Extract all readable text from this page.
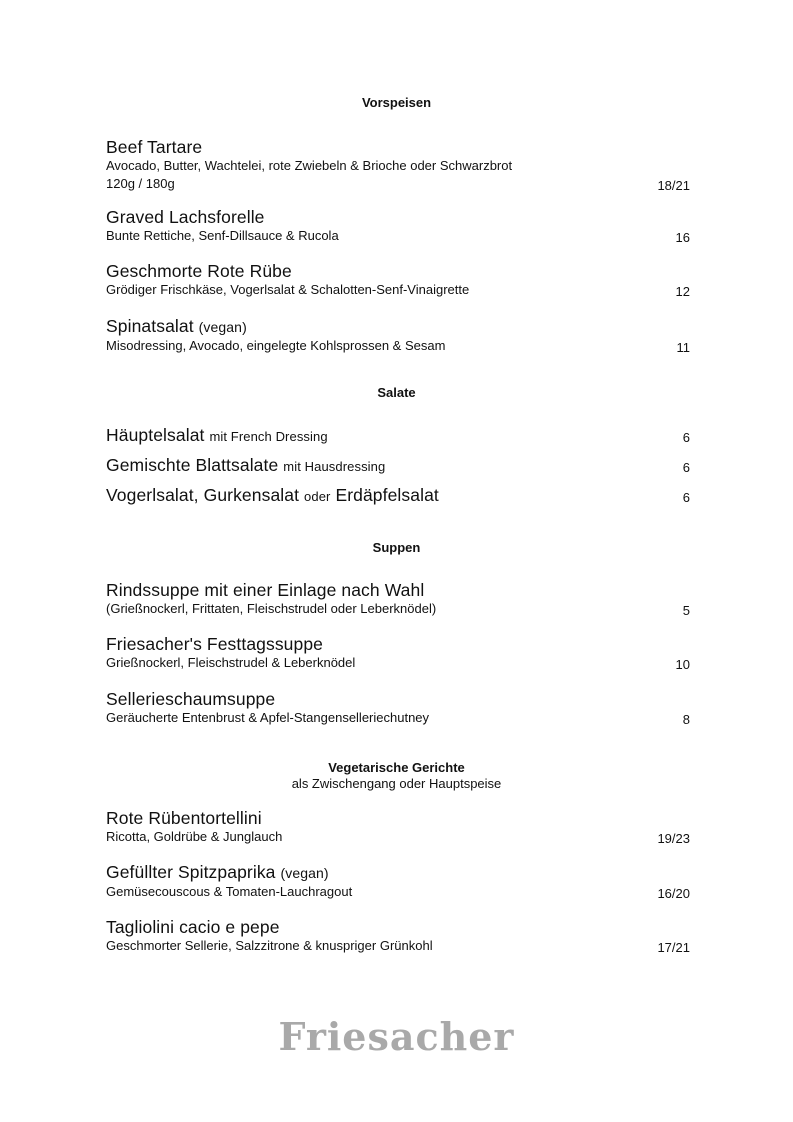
Vorspeisen
Beef Tartare
Avocado, Butter, Wachtelei, rote Zwiebeln & Brioche oder Schwarzbrot
120g / 180g	18/21
Graved Lachsforelle
Bunte Rettiche, Senf-Dillsauce & Rucola	16
Geschmorte Rote Rübe
Grödiger Frischkäse, Vogerlsalat & Schalotten-Senf-Vinaigrette	12
Spinatsalat (vegan)
Misodressing, Avocado, eingelegte Kohlsprossen & Sesam	11
Salate
Häuptelsalat mit French Dressing	6
Gemischte Blattsalate mit Hausdressing	6
Vogerlsalat, Gurkensalat oder Erdäpfelsalat	6
Suppen
Rindssuppe mit einer Einlage nach Wahl
(Grießnockerl, Frittaten, Fleischstrudel oder Leberknödel)	5
Friesacher's Festtagssuppe
Grießnockerl, Fleischstrudel & Leberknödel	10
Sellerieschaumsuppe
Geräucherte Entenbrust & Apfel-Stangenselleriechutney	8
Vegetarische Gerichte
als Zwischengang oder Hauptspeise
Rote Rübentortellini
Ricotta, Goldrübe & Junglauch	19/23
Gefüllter Spitzpaprika (vegan)
Gemüsecouscous & Tomaten-Lauchragout	16/20
Tagliolini cacio e pepe
Geschmorter Sellerie, Salzzitrone & knuspriger Grünkohl	17/21
Friesacher
